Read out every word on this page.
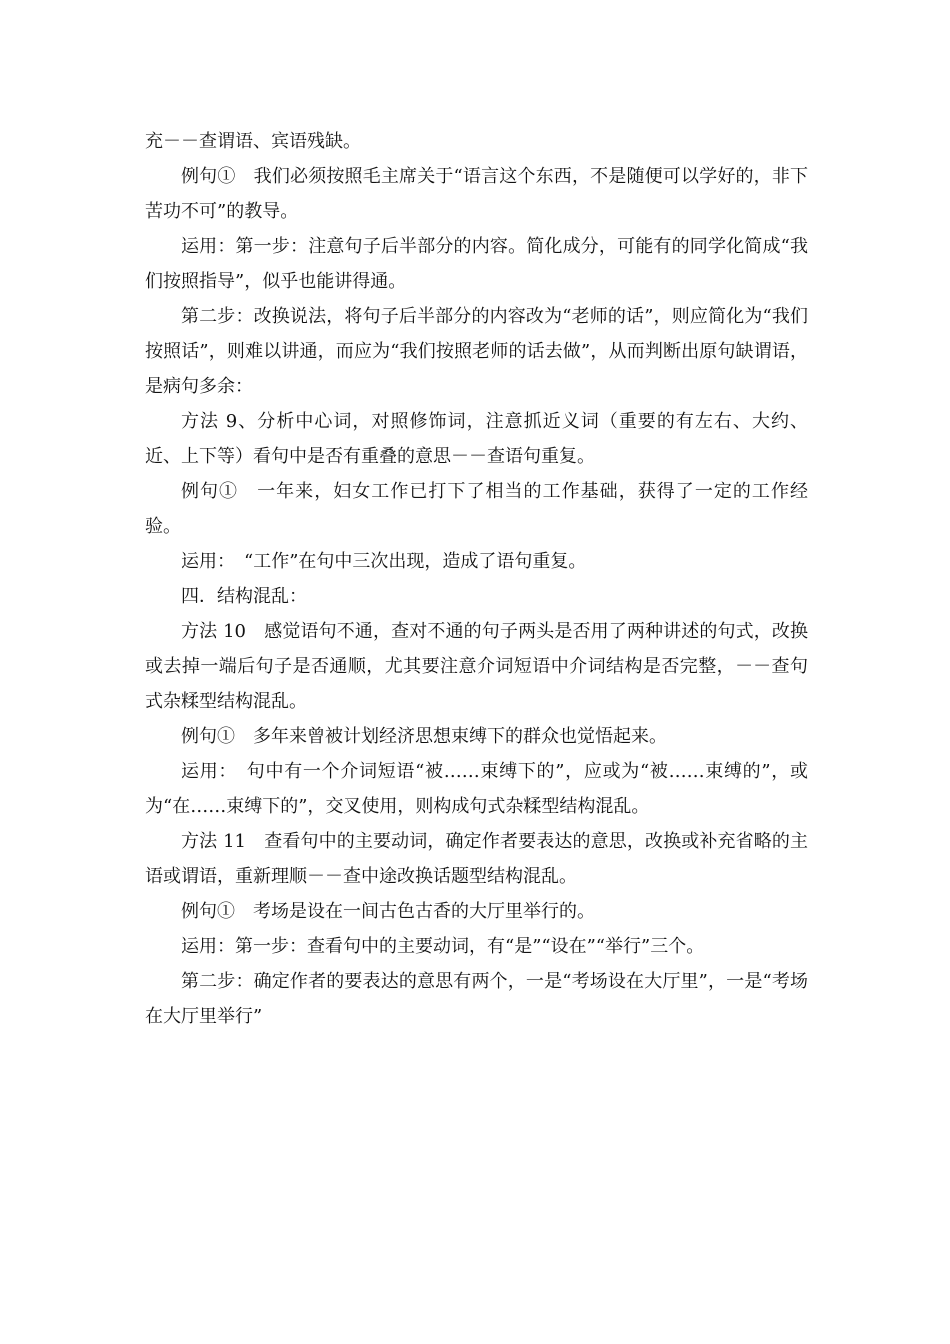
充－－查谓语、宾语残缺。

例句①　我们必须按照毛主席关于“语言这个东西，不是随便可以学好的，非下苦功不可”的教导。

运用：第一步：注意句子后半部分的内容。简化成分，可能有的同学化简成“我们按照指导”，似乎也能讲得通。

第二步：改换说法，将句子后半部分的内容改为“老师的话”，则应简化为“我们按照话”，则难以讲通，而应为“我们按照老师的话去做”，从而判断出原句缺谓语，是病句多余：

方法 9、分析中心词，对照修饰词，注意抓近义词（重要的有左右、大约、近、上下等）看句中是否有重叠的意思－－查语句重复。

例句①　一年来，妇女工作已打下了相当的工作基础，获得了一定的工作经验。

运用：　“工作”在句中三次出现，造成了语句重复。

四．结构混乱：

方法 10　感觉语句不通，查对不通的句子两头是否用了两种讲述的句式，改换或去掉一端后句子是否通顺，尤其要注意介词短语中介词结构是否完整，－－查句式杂糅型结构混乱。

例句①　多年来曾被计划经济思想束缚下的群众也觉悟起来。

运用：　句中有一个介词短语“被……束缚下的”，应或为“被……束缚的”，或为“在……束缚下的”，交叉使用，则构成句式杂糅型结构混乱。

方法 11　查看句中的主要动词，确定作者要表达的意思，改换或补充省略的主语或谓语，重新理顺－－查中途改换话题型结构混乱。

例句①　考场是设在一间古色古香的大厅里举行的。

运用：第一步：查看句中的主要动词，有“是”“设在”“举行”三个。

第二步：确定作者的要表达的意思有两个，一是“考场设在大厅里”，一是“考场在大厅里举行”
